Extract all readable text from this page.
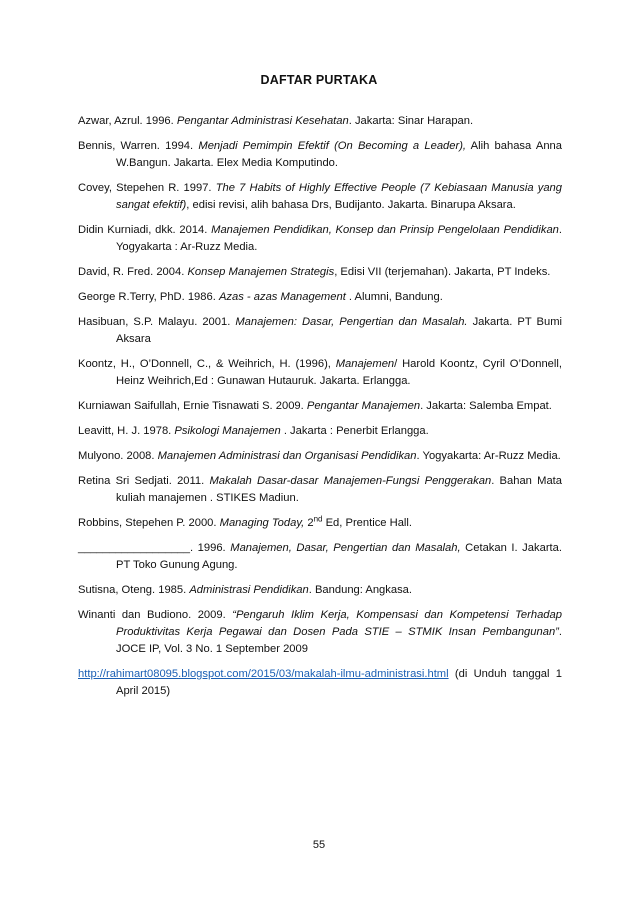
DAFTAR PURTAKA

Azwar, Azrul. 1996. Pengantar Administrasi Kesehatan. Jakarta: Sinar Harapan.

Bennis, Warren. 1994. Menjadi Pemimpin Efektif (On Becoming a Leader), Alih bahasa Anna W.Bangun. Jakarta. Elex Media Komputindo.

Covey, Stepehen R. 1997. The 7 Habits of Highly Effective People (7 Kebiasaan Manusia yang sangat efektif), edisi revisi, alih bahasa Drs, Budijanto. Jakarta. Binarupa Aksara.

Didin Kurniadi, dkk. 2014. Manajemen Pendidikan, Konsep dan Prinsip Pengelolaan Pendidikan. Yogyakarta : Ar-Ruzz Media.

David, R. Fred. 2004. Konsep Manajemen Strategis, Edisi VII (terjemahan). Jakarta, PT Indeks.

George R.Terry, PhD. 1986. Azas - azas Management . Alumni, Bandung.

Hasibuan, S.P. Malayu. 2001. Manajemen: Dasar, Pengertian dan Masalah. Jakarta. PT Bumi Aksara

Koontz, H., O’Donnell, C., & Weihrich, H. (1996), Manajemen/ Harold Koontz, Cyril O’Donnell, Heinz Weihrich,Ed : Gunawan Hutauruk. Jakarta. Erlangga.

Kurniawan Saifullah, Ernie Tisnawati S. 2009. Pengantar Manajemen. Jakarta: Salemba Empat.

Leavitt, H. J. 1978. Psikologi Manajemen . Jakarta : Penerbit Erlangga.

Mulyono. 2008. Manajemen Administrasi dan Organisasi Pendidikan. Yogyakarta: Ar-Ruzz Media.

Retina Sri Sedjati. 2011. Makalah Dasar-dasar Manajemen-Fungsi Penggerakan. Bahan Mata kuliah manajemen . STIKES Madiun.

Robbins, Stepehen P. 2000. Managing Today, 2nd Ed, Prentice Hall.

__________________. 1996. Manajemen, Dasar, Pengertian dan Masalah, Cetakan I. Jakarta. PT Toko Gunung Agung.

Sutisna, Oteng. 1985. Administrasi Pendidikan. Bandung: Angkasa.

Winanti dan Budiono. 2009. “Pengaruh Iklim Kerja, Kompensasi dan Kompetensi Terhadap Produktivitas Kerja Pegawai dan Dosen Pada STIE – STMIK Insan Pembangunan”. JOCE IP, Vol. 3 No. 1 September 2009

http://rahimart08095.blogspot.com/2015/03/makalah-ilmu-administrasi.html (di Unduh tanggal 1 April 2015)

55
